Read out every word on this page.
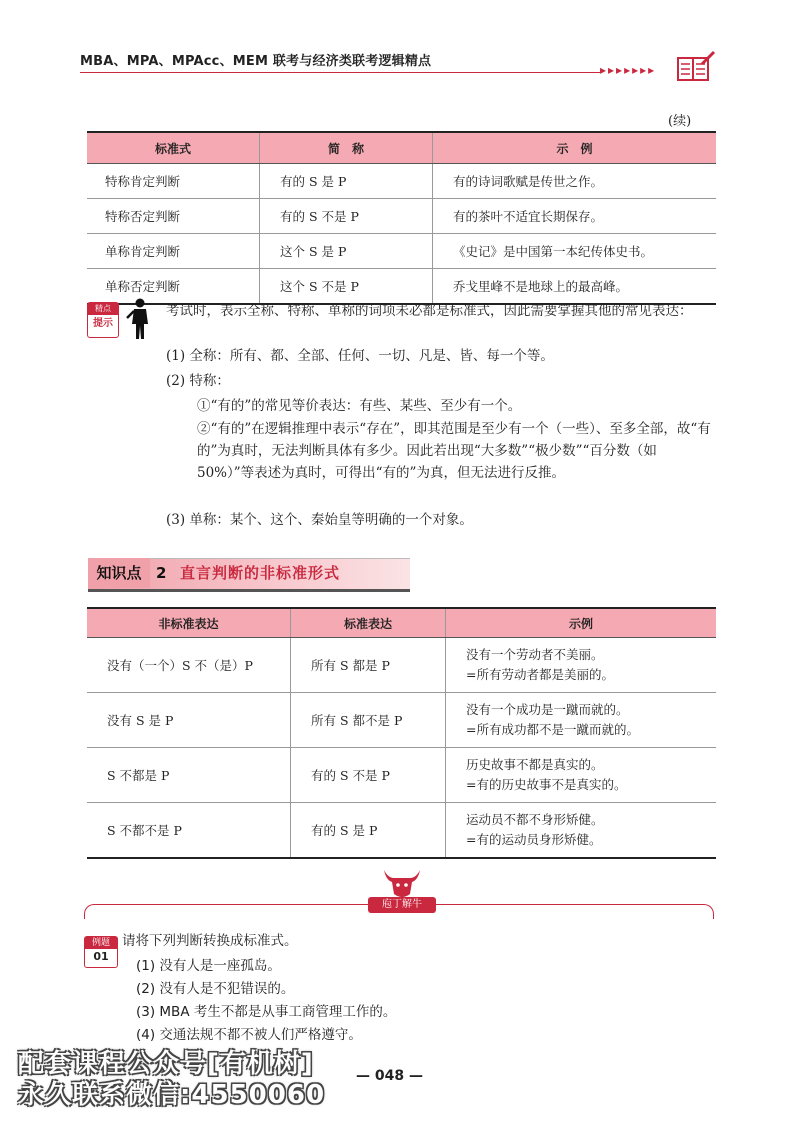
MBA、MPA、MPAcc、MEM 联考与经济类联考逻辑精点
▸▸▸▸▸▸▸
(续)
标准式	简　称	示　例
特称肯定判断	有的 S 是 P	有的诗词歌赋是传世之作。
特称否定判断	有的 S 不是 P	有的茶叶不适宜长期保存。
单称肯定判断	这个 S 是 P	《史记》是中国第一本纪传体史书。
单称否定判断	这个 S 不是 P	乔戈里峰不是地球上的最高峰。
精点
提示
考试时，表示全称、特称、单称的词项未必都是标准式，因此需要掌握其他的常见表达：
(1) 全称：所有、都、全部、任何、一切、凡是、皆、每一个等。
(2) 特称：
①“有的”的常见等价表达：有些、某些、至少有一个。
②“有的”在逻辑推理中表示“存在”，即其范围是至少有一个（一些）、至多全部，故“有的”为真时，无法判断具体有多少。因此若出现“大多数”“极少数”“百分数（如 50%）”等表述为真时，可得出“有的”为真，但无法进行反推。
(3) 单称：某个、这个、秦始皇等明确的一个对象。
知识点 2 直言判断的非标准形式
非标准表达	标准表达	示例
没有（一个）S 不（是）P	所有 S 都是 P	没有一个劳动者不美丽。
=所有劳动者都是美丽的。

没有 S 是 P	所有 S 都不是 P	没有一个成功是一蹴而就的。
=所有成功都不是一蹴而就的。

S 不都是 P	有的 S 不是 P	历史故事不都是真实的。
=有的历史故事不是真实的。

S 不都不是 P	有的 S 是 P	运动员不都不身形矫健。
=有的运动员身形矫健。
庖丁解牛
例题
01
请将下列判断转换成标准式。
(1) 没有人是一座孤岛。
(2) 没有人是不犯错误的。
(3) MBA 考生不都是从事工商管理工作的。
(4) 交通法规不都不被人们严格遵守。
— 048 —
配套课程公众号[有机树]
永久联系微信:4550060
